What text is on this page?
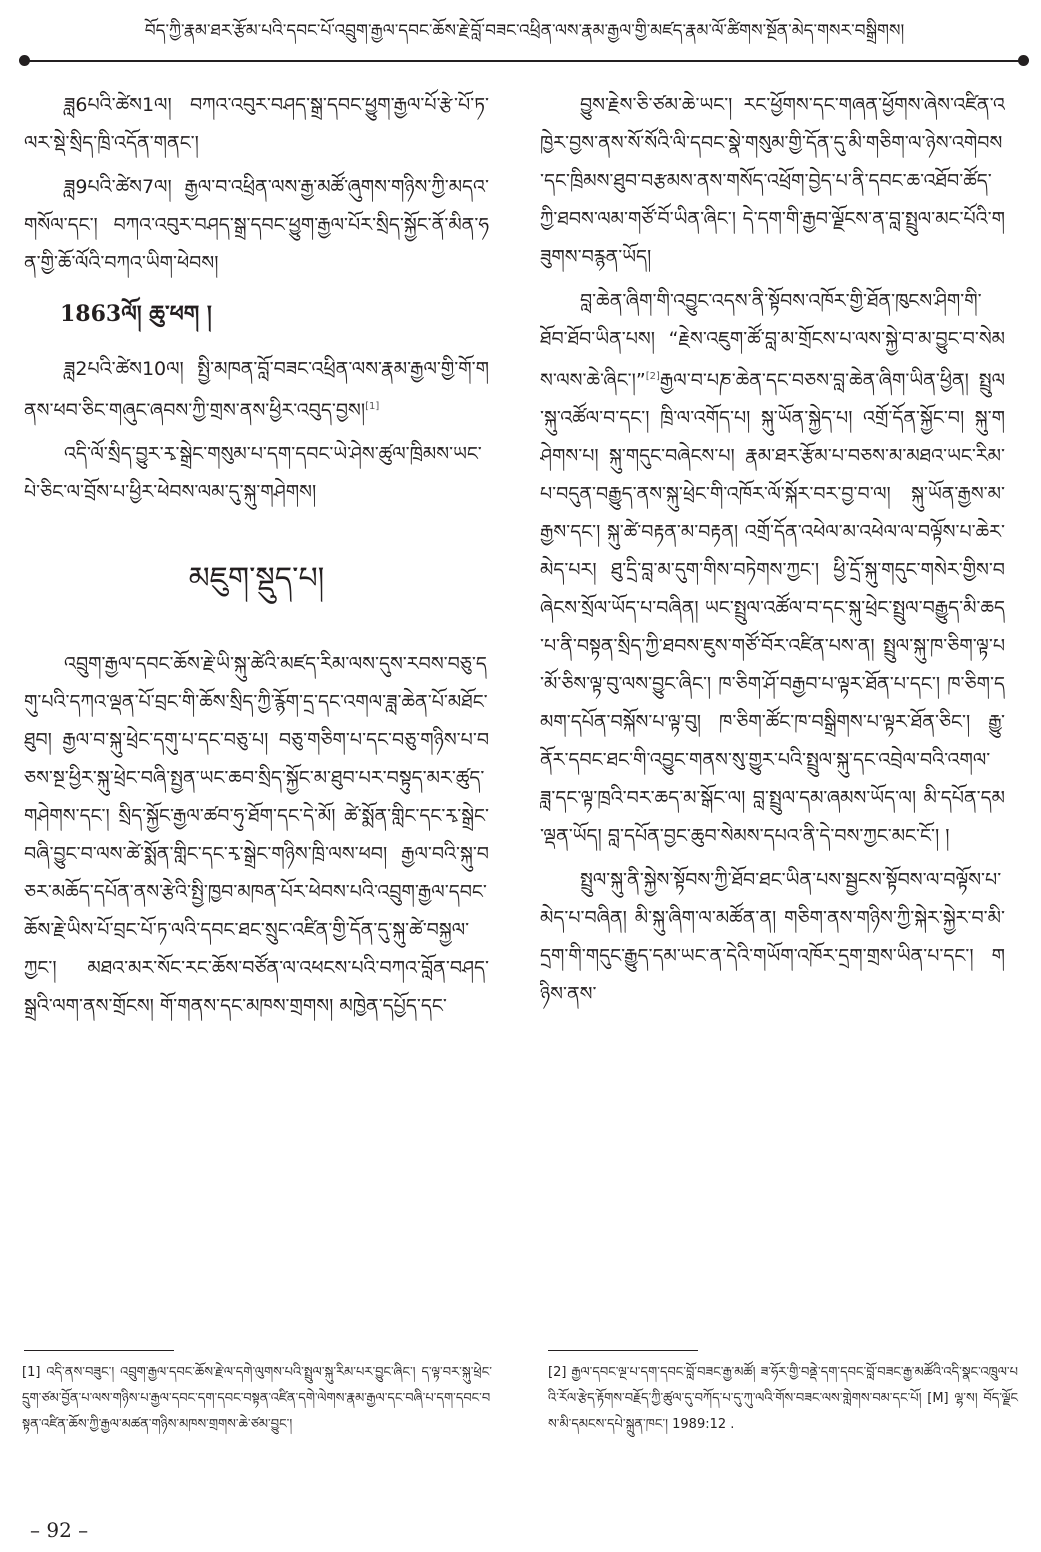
བོད་ཀྱི་རྣམ་ཐར་རྩོམ་པའི་དབང་པོ་འབྲུག་རྒྱལ་དབང་ཆོས་རྗེ་བློ་བཟང་འཕྲིན་ལས་རྣམ་རྒྱལ་གྱི་མཛད་རྣམ་ལོ་ཚིགས་སྔོན་མེད་གསར་བསྒྲིགས།

ཟླ6པའི་ཚེས1ལ། བཀའ་འབུར་བཤད་སྒྲ་དབང་ཕྱུག་རྒྱལ་པོ་རྩེ་པོ་ཏ་ལར་སྡེ་སྲིད་ཁྲི་འདོན་གནང་།

ཟླ9པའི་ཚེས7ལ། རྒྱལ་བ་འཕྲིན་ལས་རྒྱ་མཚོ་ཞུགས་གཉིས་ཀྱི་མདའ་གསོལ་དང་། བཀའ་འབུར་བཤད་སྒྲ་དབང་ཕྱུག་རྒྱལ་པོར་སྲིད་སྐྱོང་ནོ་མིན་ཧན་གྱི་ཆོ་ལོའི་བཀའ་ཡིག་ཕེབས།

1863ལོ། ཆུ་ཕག །

ཟླ2པའི་ཚེས10ལ། སྤྱི་མཁན་བློ་བཟང་འཕྲིན་ལས་རྣམ་རྒྱལ་གྱི་གོ་གནས་ཕབ་ཅིང་གཞུང་ཞབས་ཀྱི་གྲས་ནས་ཕྱིར་འབུད་བྱས།[1]

འདི་ལོ་སྲིད་བྱུར་རྭ་སྒྲེང་གསུམ་པ་དག་དབང་ཡེ་ཤེས་ཚུལ་ཁྲིམས་ཡང་པེ་ཅིང་ལ་བྲོས་པ་ཕྱིར་ཕེབས་ལམ་དུ་སྐུ་གཤེགས།

མཇུག་སྡུད་པ།

འབྲུག་རྒྱལ་དབང་ཆོས་རྗེ་ཡི་སྐུ་ཚེའི་མཛད་རིམ་ལས་དུས་རབས་བཅུ་དགུ་པའི་དཀའ་ལྡན་པོ་བྲང་གི་ཆོས་སྲིད་ཀྱི་རྙོག་དྲ་དང་འགལ་ཟླ་ཆེན་པོ་མཐོང་ཐུབ། རྒྱལ་བ་སྐུ་ཕྲེང་དགུ་པ་དང་བཅུ་པ། བཅུ་གཅིག་པ་དང་བཅུ་གཉིས་པ་བཅས་སྔ་ཕྱིར་སྐུ་ཕྲེང་བཞི་སྤྱན་ཡང་ཆབ་སྲིད་སྐྱོང་མ་ཐུབ་པར་བསྟུད་མར་ཚུད་གཤེགས་དང་། སྲིད་སྐྱོང་རྒྱལ་ཚབ་ཧུ་ཐོག་དང་དེ་མོ། ཚེ་སྨོན་གླིང་དང་རྭ་སྒྲེང་བཞི་བྱུང་བ་ལས་ཚེ་སྨོན་གླིང་དང་རྭ་སྒྲེང་གཉིས་ཁྲི་ལས་ཕབ། རྒྱལ་བའི་སྐུ་བཅར་མཆོད་དཔོན་ནས་རྩེའི་སྤྱི་ཁྱབ་མཁན་པོར་ཕེབས་པའི་འབྲུག་རྒྱལ་དབང་ཆོས་རྗེ་ཡིས་པོ་བྲང་པོ་ཏ་ལའི་དབང་ཐང་སྲུང་འཛིན་གྱི་དོན་དུ་སྐུ་ཚེ་བསྐྱལ་ཀྱང་། མཐའ་མར་སོང་རང་ཆོས་བཙོན་ལ་འཕངས་པའི་བཀའ་བློན་བཤད་སྒྲའི་ལག་ནས་གྲོངས། གོ་གནས་དང་མཁས་གྲགས། མཁྱེན་དཔྱོད་དང་

བྱུས་རྗེས་ཅི་ཙམ་ཆེ་ཡང་། རང་ཕྱོགས་དང་གཞན་ཕྱོགས་ཞེས་འཛིན་འཁྱེར་བྱས་ནས་སོ་སོའི་ལི་དབང་སྣེ་གསུམ་གྱི་དོན་དུ་མི་གཅིག་ལ་ཉེས་འགེབས་དང་ཁྲིམས་ཐུབ་བརྩམས་ནས་གསོད་འཕྲོག་བྱེད་པ་ནི་དབང་ཆ་འཐོབ་ཚོད་ཀྱི་ཐབས་ལམ་གཙོ་བོ་ཡིན་ཞིང་། དེ་དག་གི་རྒྱབ་ལྗོངས་ན་བླ་སྤྲུལ་མང་པོའི་གཟུགས་བརྙན་ཡོད།

བླ་ཆེན་ཞིག་གི་འབྱུང་འདས་ནི་སྟོབས་འཁོར་གྱི་ཐོན་ཁུངས་ཤིག་གི་ཐོབ་ཐོབ་ཡིན་པས། “རྗེས་འཇུག་ཚོ་བླ་མ་གྲོངས་པ་ལས་སྐྱེ་བ་མ་བྱུང་བ་སེམས་ལས་ཆེ་ཞིང་།”[2]རྒྱལ་བ་པཎ་ཆེན་དང་བཅས་བླ་ཆེན་ཞིག་ཡིན་ཕྱིན། སྤྲུལ་སྐུ་འཚོལ་བ་དང་། ཁྲི་ལ་འགོད་པ། སྐུ་ཡོན་སྐྱེད་པ། འགྲོ་དོན་སྐྱོང་བ། སྐུ་གཤེགས་པ། སྐུ་གདུང་བཞེངས་པ། རྣམ་ཐར་རྩོམ་པ་བཅས་མ་མཐའ་ཡང་རིམ་པ་བདུན་བརྒྱུད་ནས་སྐུ་ཕྲེང་གི་འཁོར་ལོ་སྐོར་བར་བྱ་བ་ལ། སྐུ་ཡོན་རྒྱས་མ་རྒྱས་དང་། སྐུ་ཚེ་བརྟན་མ་བརྟན། འགྲོ་དོན་འཕེལ་མ་འཕེལ་ལ་བལྟོས་པ་ཆེར་མེད་པར། ཐུ་དྲི་བླ་མ་དུག་གིས་བཏེགས་ཀྱང་། ཕྱི་དྲོ་སྐུ་གདུང་གསེར་གྱིས་བཞེངས་སྲོལ་ཡོད་པ་བཞིན། ཡང་སྤྲུལ་འཚོལ་བ་དང་སྐུ་ཕྲེང་སྤྲུལ་བརྒྱུད་མི་ཆད་པ་ནི་བསྟན་སྲིད་ཀྱི་ཐབས་ཇུས་གཙོ་བོར་འཛིན་པས་ན། སྤྲུལ་སྐུ་ཁ་ཅིག་ལྟ་པ་མོ་ཅིས་ལྟ་བུ་ལས་བྱུང་ཞིང་། ཁ་ཅིག་ཤོ་བརྒྱབ་པ་ལྟར་ཐོན་པ་དང་། ཁ་ཅིག་དམག་དཔོན་བསྐོས་པ་ལྟ་བུ། ཁ་ཅིག་ཚོང་ཁ་བསྒྲིགས་པ་ལྟར་ཐོན་ཅིང་། རྒྱུ་ནོར་དབང་ཐང་གི་འབྱུང་གནས་སུ་གྱུར་པའི་སྤྲུལ་སྐུ་དང་འབྲེལ་བའི་འགལ་ཟླ་དང་ལྟ་ཁྲའི་བར་ཆད་མ་སྒོང་ལ། བླ་སྤྲུལ་དམ་ཞམས་ཡོད་ལ། མི་དཔོན་དམ་ལྡན་ཡོད། བླ་དཔོན་བྱང་ཆུབ་སེམས་དཔའ་ནི་དེ་བས་ཀྱང་མང་ངོ་། །

སྤྲུལ་སྐུ་ནི་སྐྱེས་སྟོབས་ཀྱི་ཐོབ་ཐང་ཡིན་པས་སྦྱངས་སྟོབས་ལ་བལྟོས་པ་མེད་པ་བཞིན། མི་སྐུ་ཞིག་ལ་མཚོན་ན། གཅིག་ནས་གཉིས་ཀྱི་སྐེར་སྐྱེར་བ་མི་དྲག་གི་གདུང་རྒྱུད་དམ་ཡང་ན་དེའི་གཡོག་འཁོར་དྲག་གྲས་ཡིན་པ་དང་། གཉིས་ནས་

[1] འདི་ནས་བཟུང་། འབྲུག་རྒྱལ་དབང་ཆོས་རྗེ་ལ་དགེ་ལུགས་པའི་སྤྲུལ་སྐུ་རིམ་པར་བྱུང་ཞིང་། ད་ལྟ་བར་སྐུ་ཕྲེང་དྲུག་ཙམ་བྱོན་པ་ལས་གཉིས་པ་རྒྱལ་དབང་དག་དབང་བསྟན་འཛིན་དགེ་ལེགས་རྣམ་རྒྱལ་དང་བཞི་པ་དག་དབང་བསྟན་འཛིན་ཆོས་ཀྱི་རྒྱལ་མཚན་གཉིས་མཁས་གྲགས་ཆེ་ཙམ་བྱུང་།
[2] རྒྱལ་དབང་ལྔ་པ་དག་དབང་བློ་བཟང་རྒྱ་མཚོ། ཟ་ཧོར་གྱི་བནྡེ་དག་དབང་བློ་བཟང་རྒྱ་མཚོའི་འདི་སྣང་འཁྲུལ་པའི་རོལ་རྩེད་རྟོགས་བརྗོད་ཀྱི་ཚུལ་དུ་བཀོད་པ་དུ་ཀུ་ལའི་གོས་བཟང་ལས་གླེགས་བམ་དང་པོ། [M] ལྷ་ས། བོད་ལྗོངས་མི་དམངས་དཔེ་སྐྲུན་ཁང་། 1989:12 .
– 92 –
